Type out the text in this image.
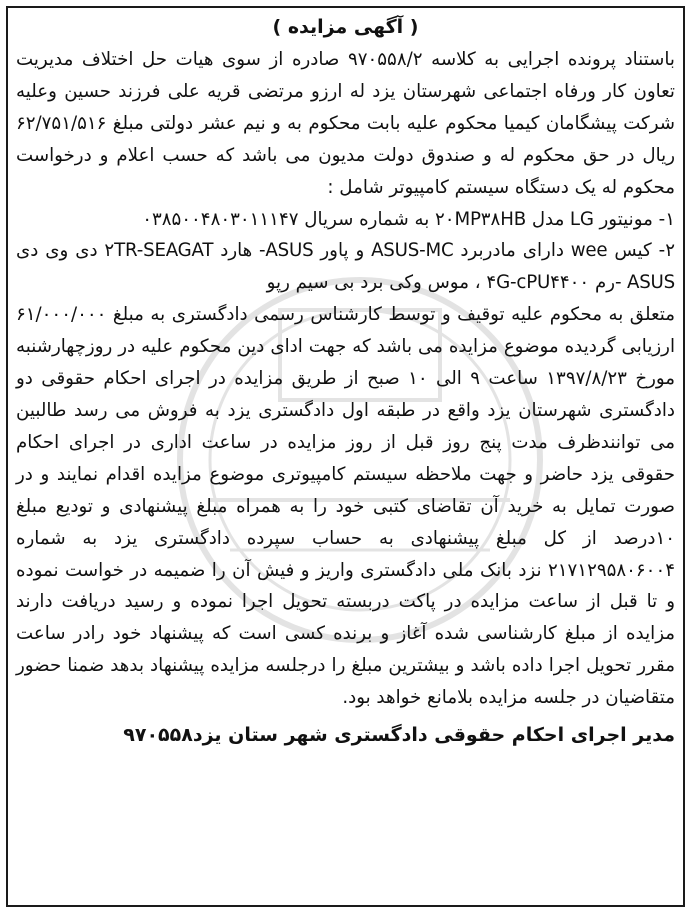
( آگهی مزایده )

باستناد پرونده اجرایی به کلاسه ۹۷۰۵۵۸/۲ صادره از سوی هیات حل اختلاف مدیریت تعاون کار ورفاه اجتماعی شهرستان یزد له ارزو مرتضی قریه علی فرزند حسین وعلیه شرکت پیشگامان کیمیا محکوم علیه بابت محکوم به و نیم عشر دولتی مبلغ ۶۲/۷۵۱/۵۱۶ ریال در حق محکوم له و صندوق دولت مدیون می باشد که حسب اعلام و درخواست محکوم له یک دستگاه سیستم کامپیوتر شامل :

۱- مونیتور LG مدل ۲۰MP۳۸HB به شماره سریال ۰۳۸۵۰۰۴۸۰۳۰۱۱۱۴۷

۲- کیس wee دارای مادربرد ASUS-MC و پاور ASUS- هارد ۲TR-SEAGAT دی وی دی ASUS -رم ۴G-cPU۴۴۰۰ ، موس وکی برد بی سیم رپو

متعلق به محکوم علیه توقیف و توسط کارشناس رسمی دادگستری به مبلغ ۶۱/۰۰۰/۰۰۰ ارزیابی گردیده موضوع مزایده می باشد که جهت ادای دین محکوم علیه در روزچهارشنبه مورخ ۱۳۹۷/۸/۲۳ ساعت ۹ الی ۱۰ صبح از طریق مزایده در اجرای احکام حقوقی دو دادگستری شهرستان یزد واقع در طبقه اول دادگستری یزد به فروش می رسد طالبین می توانندظرف مدت پنج روز قبل از روز مزایده در ساعت اداری در اجرای احکام حقوقی یزد حاضر و جهت ملاحظه سیستم کامپیوتری موضوع مزایده اقدام نمایند و در صورت تمایل به خرید آن تقاضای کتبی خود را به همراه مبلغ پیشنهادی و تودیع مبلغ ۱۰درصد از کل مبلغ پیشنهادی به حساب سپرده دادگستری یزد به شماره ۲۱۷۱۲۹۵۸۰۶۰۰۴ نزد بانک ملی دادگستری واریز و فیش آن را ضمیمه در خواست نموده و تا قبل از ساعت مزایده در پاکت دربسته تحویل اجرا نموده و رسید دریافت دارند مزایده از مبلغ کارشناسی شده آغاز و برنده کسی است که پیشنهاد خود رادر ساعت مقرر تحویل اجرا داده باشد و بیشترین مبلغ را درجلسه مزایده پیشنهاد بدهد ضمنا حضور متقاضیان در جلسه مزایده بلامانع خواهد بود.

مدیر اجرای احکام حقوقی دادگستری شهر ستان یزد۹۷۰۵۵۸
